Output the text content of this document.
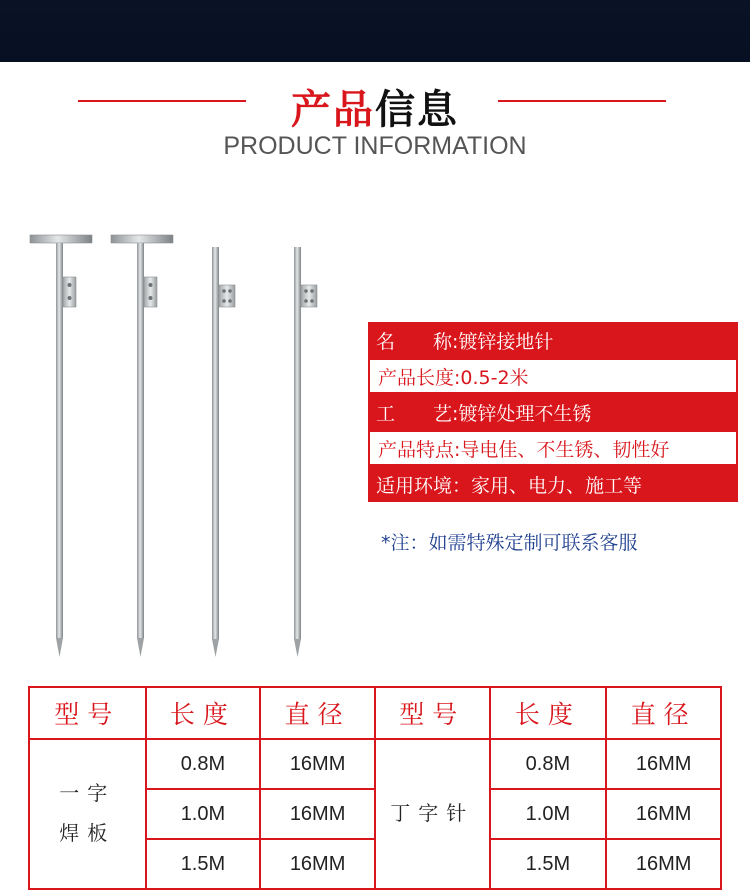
产品信息
PRODUCT INFORMATION
名　　称:镀锌接地针
产品长度:0.5-2米
工　　艺:镀锌处理不生锈
产品特点:导电佳、不生锈、韧性好
适用环境：家用、电力、施工等
*注：如需特殊定制可联系客服
型号	长度	直径	型号	长度	直径

一字
焊板	0.8M	16MM	丁字针	0.8M	16MM
	1.0M	16MM		1.0M	16MM
	1.5M	16MM		1.5M	16MM
